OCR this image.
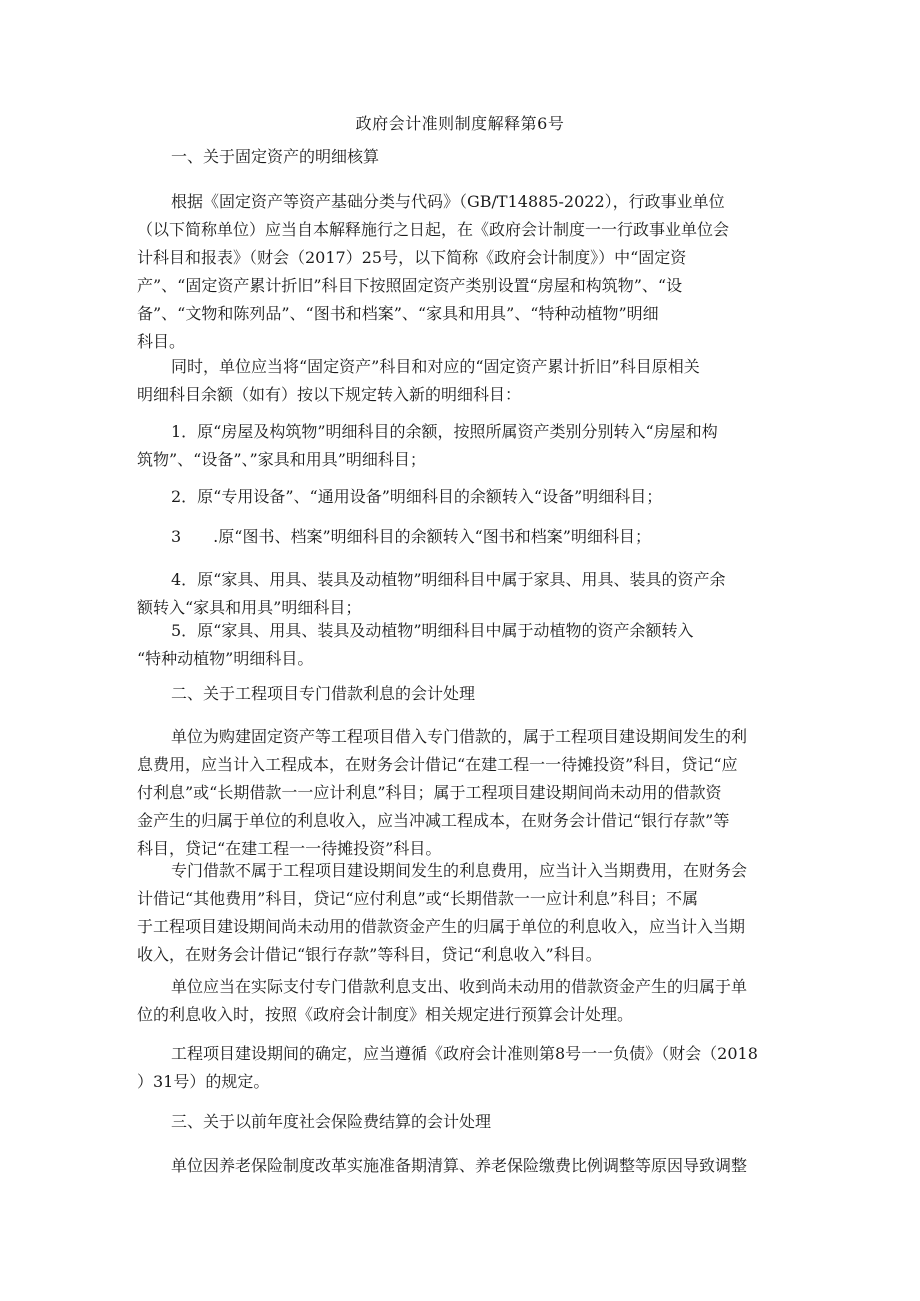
政府会计准则制度解释第6号

一、关于固定资产的明细核算

根据《固定资产等资产基础分类与代码》（GB/T14885-2022），行政事业单位
（以下简称单位）应当自本解释施行之日起，在《政府会计制度一一行政事业单位会
计科目和报表》（财会（2017）25号，以下简称《政府会计制度》）中“固定资
产”、“固定资产累计折旧”科目下按照固定资产类别设置“房屋和构筑物”、“设
备”、“文物和陈列品”、“图书和档案”、“家具和用具”、“特种动植物”明细
科目。

同时，单位应当将“固定资产”科目和对应的“固定资产累计折旧”科目原相关
明细科目余额（如有）按以下规定转入新的明细科目：

1．原“房屋及构筑物”明细科目的余额，按照所属资产类别分别转入“房屋和构
筑物”、“设备”、”家具和用具”明细科目；

2．原“专用设备”、“通用设备”明细科目的余额转入“设备”明细科目；

3　　.原“图书、档案”明细科目的余额转入“图书和档案”明细科目；

4．原“家具、用具、装具及动植物”明细科目中属于家具、用具、装具的资产余
额转入“家具和用具”明细科目；

5．原“家具、用具、装具及动植物”明细科目中属于动植物的资产余额转入
“特种动植物”明细科目。

二、关于工程项目专门借款利息的会计处理

单位为购建固定资产等工程项目借入专门借款的，属于工程项目建设期间发生的利
息费用，应当计入工程成本，在财务会计借记“在建工程一一待摊投资”科目，贷记“应
付利息”或“长期借款一一应计利息”科目；属于工程项目建设期间尚未动用的借款资
金产生的归属于单位的利息收入，应当冲减工程成本，在财务会计借记“银行存款”等
科目，贷记“在建工程一一待摊投资”科目。

专门借款不属于工程项目建设期间发生的利息费用，应当计入当期费用，在财务会
计借记“其他费用”科目，贷记“应付利息”或“长期借款一一应计利息”科目；不属
于工程项目建设期间尚未动用的借款资金产生的归属于单位的利息收入，应当计入当期
收入，在财务会计借记“银行存款”等科目，贷记“利息收入”科目。

单位应当在实际支付专门借款利息支出、收到尚未动用的借款资金产生的归属于单
位的利息收入时，按照《政府会计制度》相关规定进行预算会计处理。

工程项目建设期间的确定，应当遵循《政府会计准则第8号一一负债》（财会（2018
）31号）的规定。

三、关于以前年度社会保险费结算的会计处理

单位因养老保险制度改革实施准备期清算、养老保险缴费比例调整等原因导致调整
